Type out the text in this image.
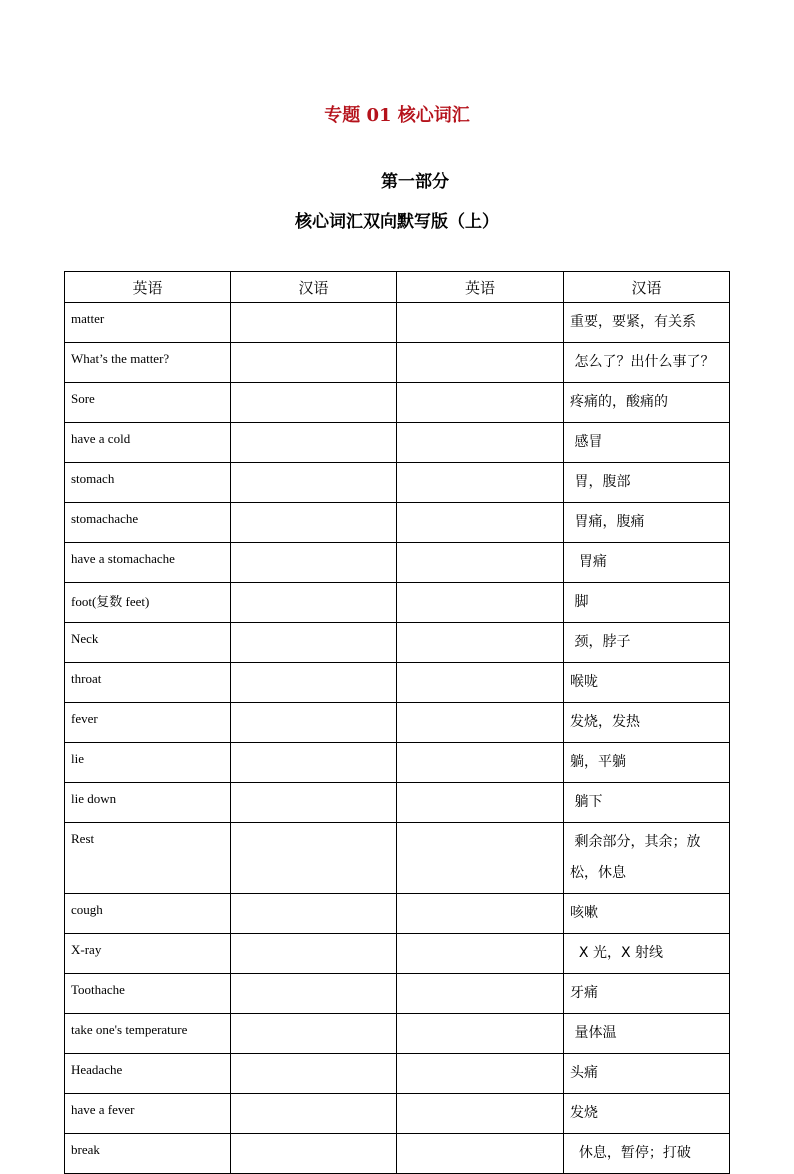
专题 01 核心词汇
第一部分
核心词汇双向默写版（上）
英语	汉语	英语	汉语
matter			重要，要紧，有关系
What’s the matter?			怎么了？出什么事了？
Sore			疼痛的，酸痛的
have a cold			感冒
stomach			胃，腹部
stomachache			胃痛，腹痛
have a stomachache			胃痛
foot(复数 feet)			脚
Neck			颈，脖子
throat			喉咙
fever			发烧，发热
lie			躺，平躺
lie down			躺下
Rest			剩余部分，其余；放松，休息
cough			咳嗽
X-ray			X 光，X 射线
Toothache			牙痛
take one's temperature			量体温
Headache			头痛
have a fever			发烧
break			休息，暂停；打破
